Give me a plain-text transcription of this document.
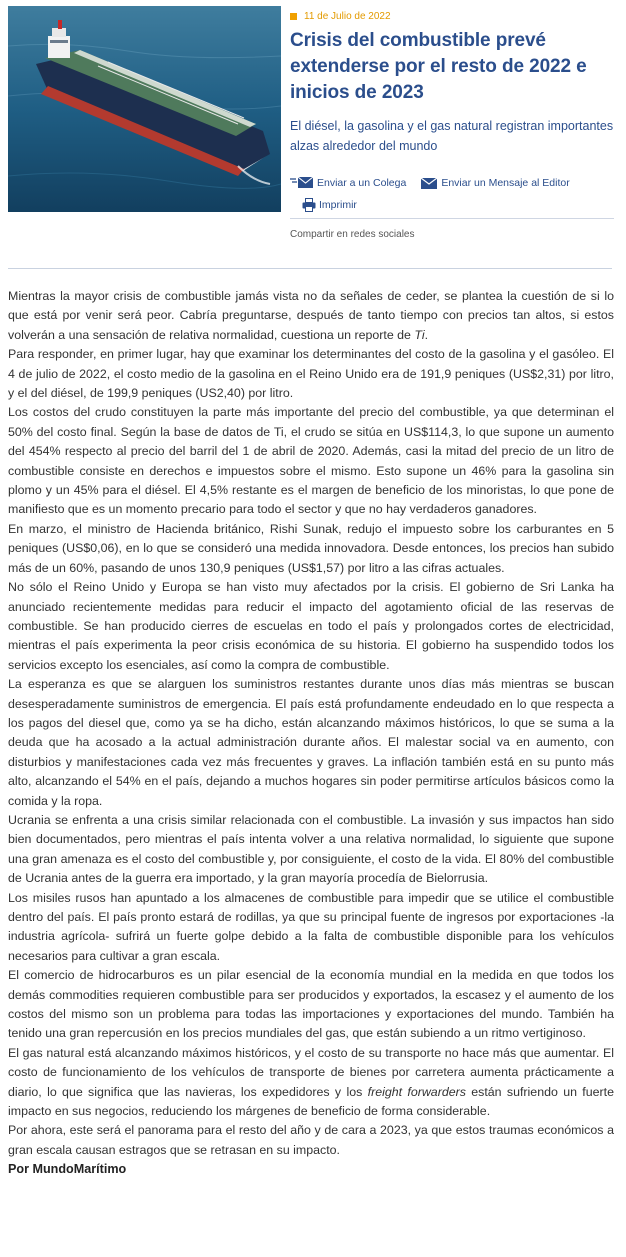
11 de Julio de 2022
Crisis del combustible prevé extenderse por el resto de 2022 e inicios de 2023

El diésel, la gasolina y el gas natural registran importantes alzas alrededor del mundo

Enviar a un Colega	Enviar un Mensaje al Editor
Imprimir
Compartir en redes sociales

Mientras la mayor crisis de combustible jamás vista no da señales de ceder, se plantea la cuestión de si lo que está por venir será peor. Cabría preguntarse, después de tanto tiempo con precios tan altos, si estos volverán a una sensación de relativa normalidad, cuestiona un reporte de Ti.

Para responder, en primer lugar, hay que examinar los determinantes del costo de la gasolina y el gasóleo. El 4 de julio de 2022, el costo medio de la gasolina en el Reino Unido era de 191,9 peniques (US$2,31) por litro, y el del diésel, de 199,9 peniques (US2,40) por litro.

Los costos del crudo constituyen la parte más importante del precio del combustible, ya que determinan el 50% del costo final. Según la base de datos de Ti, el crudo se sitúa en US$114,3, lo que supone un aumento del 454% respecto al precio del barril del 1 de abril de 2020. Además, casi la mitad del precio de un litro de combustible consiste en derechos e impuestos sobre el mismo. Esto supone un 46% para la gasolina sin plomo y un 45% para el diésel. El 4,5% restante es el margen de beneficio de los minoristas, lo que pone de manifiesto que es un momento precario para todo el sector y que no hay verdaderos ganadores.

En marzo, el ministro de Hacienda británico, Rishi Sunak, redujo el impuesto sobre los carburantes en 5 peniques (US$0,06), en lo que se consideró una medida innovadora. Desde entonces, los precios han subido más de un 60%, pasando de unos 130,9 peniques (US$1,57) por litro a las cifras actuales.

No sólo el Reino Unido y Europa se han visto muy afectados por la crisis. El gobierno de Sri Lanka ha anunciado recientemente medidas para reducir el impacto del agotamiento oficial de las reservas de combustible. Se han producido cierres de escuelas en todo el país y prolongados cortes de electricidad, mientras el país experimenta la peor crisis económica de su historia. El gobierno ha suspendido todos los servicios excepto los esenciales, así como la compra de combustible.

La esperanza es que se alarguen los suministros restantes durante unos días más mientras se buscan desesperadamente suministros de emergencia. El país está profundamente endeudado en lo que respecta a los pagos del diesel que, como ya se ha dicho, están alcanzando máximos históricos, lo que se suma a la deuda que ha acosado a la actual administración durante años. El malestar social va en aumento, con disturbios y manifestaciones cada vez más frecuentes y graves. La inflación también está en su punto más alto, alcanzando el 54% en el país, dejando a muchos hogares sin poder permitirse artículos básicos como la comida y la ropa.

Ucrania se enfrenta a una crisis similar relacionada con el combustible. La invasión y sus impactos han sido bien documentados, pero mientras el país intenta volver a una relativa normalidad, lo siguiente que supone una gran amenaza es el costo del combustible y, por consiguiente, el costo de la vida. El 80% del combustible de Ucrania antes de la guerra era importado, y la gran mayoría procedía de Bielorrusia.

Los misiles rusos han apuntado a los almacenes de combustible para impedir que se utilice el combustible dentro del país. El país pronto estará de rodillas, ya que su principal fuente de ingresos por exportaciones -la industria agrícola- sufrirá un fuerte golpe debido a la falta de combustible disponible para los vehículos necesarios para cultivar a gran escala.

El comercio de hidrocarburos es un pilar esencial de la economía mundial en la medida en que todos los demás commodities requieren combustible para ser producidos y exportados, la escasez y el aumento de los costos del mismo son un problema para todas las importaciones y exportaciones del mundo. También ha tenido una gran repercusión en los precios mundiales del gas, que están subiendo a un ritmo vertiginoso.

El gas natural está alcanzando máximos históricos, y el costo de su transporte no hace más que aumentar. El costo de funcionamiento de los vehículos de transporte de bienes por carretera aumenta prácticamente a diario, lo que significa que las navieras, los expedidores y los freight forwarders están sufriendo un fuerte impacto en sus negocios, reduciendo los márgenes de beneficio de forma considerable.

Por ahora, este será el panorama para el resto del año y de cara a 2023, ya que estos traumas económicos a gran escala causan estragos que se retrasan en su impacto.

Por MundoMarítimo
